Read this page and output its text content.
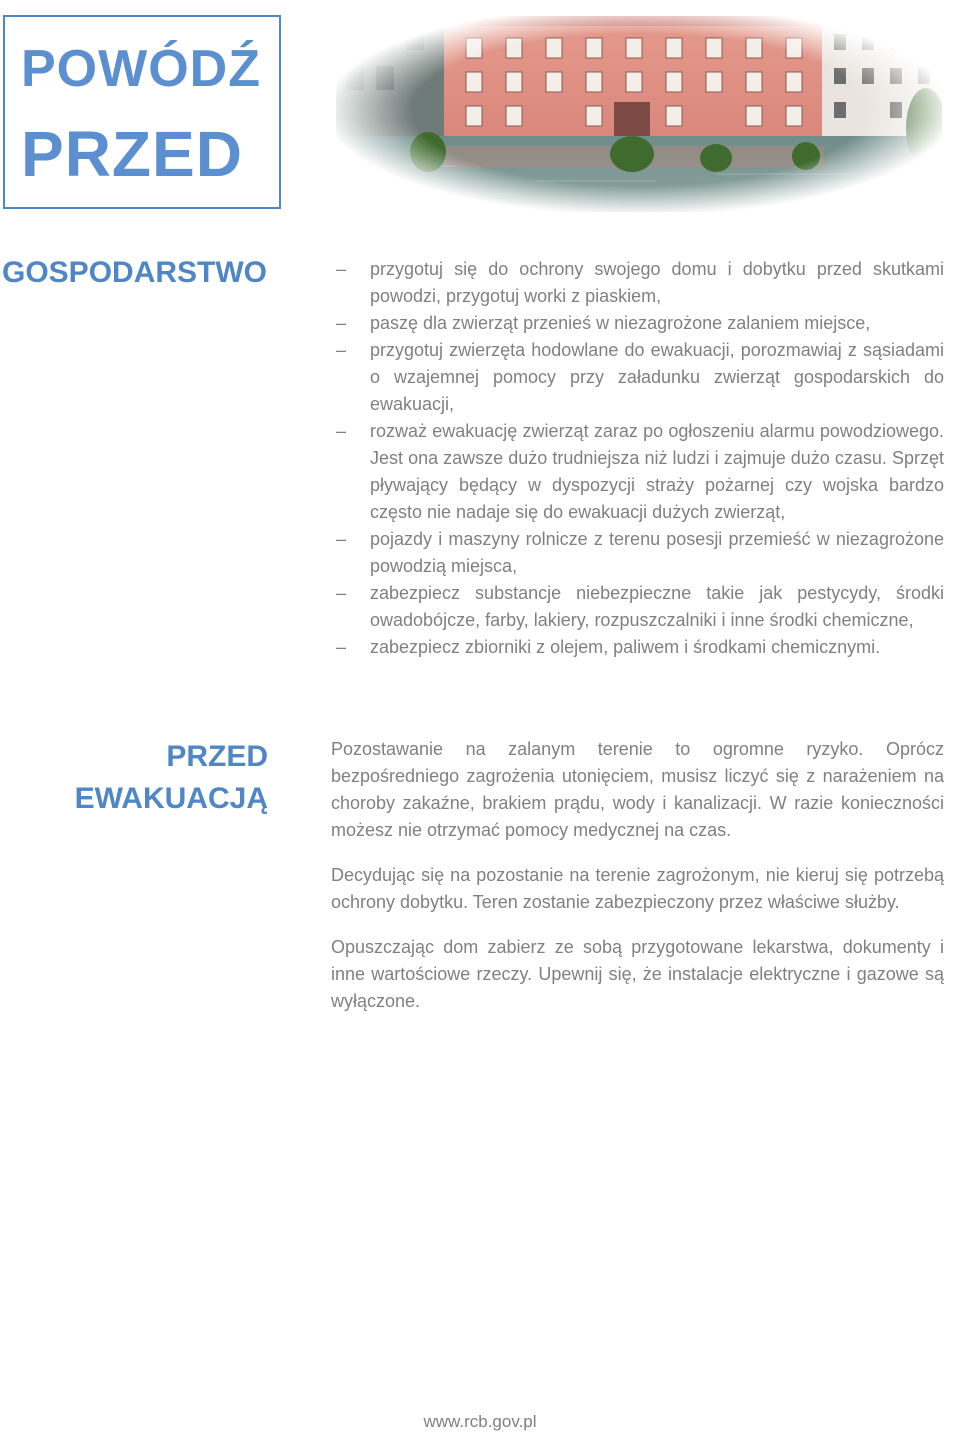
POWÓDŹ
PRZED
GOSPODARSTWO	– przygotuj się do ochrony swojego domu i dobytku przed skutkami powodzi, przygotuj worki z piaskiem,
– paszę dla zwierząt przenieś w niezagrożone zalaniem miejsce,
– przygotuj zwierzęta hodowlane do ewakuacji, porozmawiaj z sąsiadami o wzajemnej pomocy przy załadunku zwierząt gospodarskich do ewakuacji,
– rozważ ewakuację zwierząt zaraz po ogłoszeniu alarmu powodziowego. Jest ona zawsze dużo trudniejsza niż ludzi i zajmuje dużo czasu. Sprzęt pływający będący w dyspozycji straży pożarnej czy wojska bardzo często nie nadaje się do ewakuacji dużych zwierząt,
– pojazdy i maszyny rolnicze z terenu posesji przemieść w niezagrożone powodzią miejsca,
– zabezpiecz substancje niebezpieczne takie jak pestycydy, środki owadobójcze, farby, lakiery, rozpuszczalniki i inne środki chemiczne,
– zabezpiecz zbiorniki z olejem, paliwem i środkami chemicznymi.
PRZED
EWAKUACJĄ

Pozostawanie na zalanym terenie to ogromne ryzyko. Oprócz bezpośredniego zagrożenia utonięciem, musisz liczyć się z narażeniem na choroby zakaźne, brakiem prądu, wody i kanalizacji. W razie konieczności możesz nie otrzymać pomocy medycznej na czas.

Decydując się na pozostanie na terenie zagrożonym, nie kieruj się potrzebą ochrony dobytku. Teren zostanie zabezpieczony przez właściwe służby.

Opuszczając dom zabierz ze sobą przygotowane lekarstwa, dokumenty i inne wartościowe rzeczy. Upewnij się, że instalacje elektryczne i gazowe są wyłączone.

www.rcb.gov.pl
